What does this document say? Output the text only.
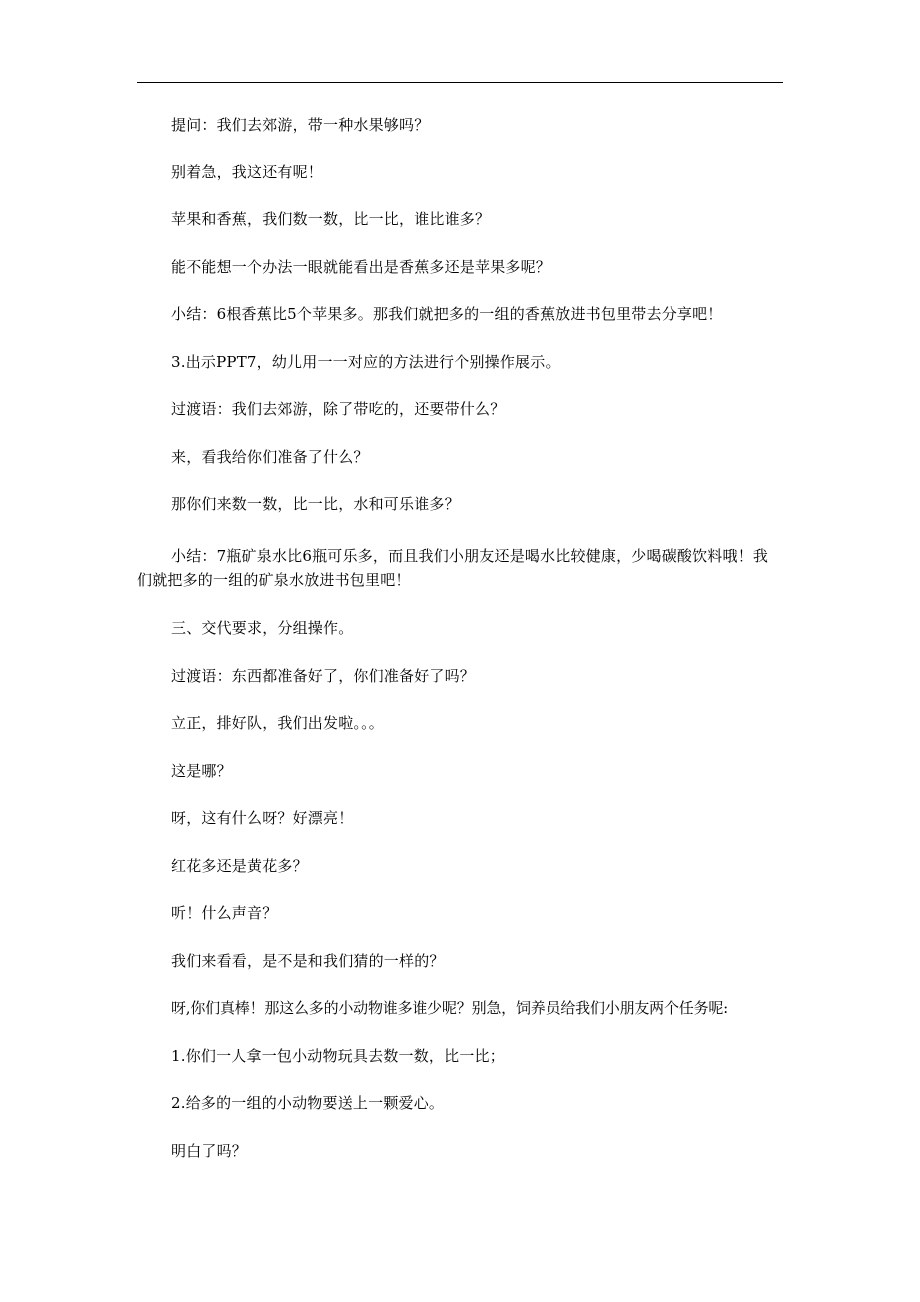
提问：我们去郊游，带一种水果够吗？

别着急，我这还有呢！

苹果和香蕉，我们数一数，比一比，谁比谁多？

能不能想一个办法一眼就能看出是香蕉多还是苹果多呢？

小结：6根香蕉比5个苹果多。那我们就把多的一组的香蕉放进书包里带去分享吧！

3.出示PPT7，幼儿用一一对应的方法进行个别操作展示。

过渡语：我们去郊游，除了带吃的，还要带什么？

来，看我给你们准备了什么？

那你们来数一数，比一比，水和可乐谁多？

小结：7瓶矿泉水比6瓶可乐多，而且我们小朋友还是喝水比较健康，少喝碳酸饮料哦！我们就把多的一组的矿泉水放进书包里吧！

三、交代要求，分组操作。

过渡语：东西都准备好了，你们准备好了吗？

立正，排好队，我们出发啦。。。

这是哪？

呀，这有什么呀？好漂亮！

红花多还是黄花多？

听！什么声音？

我们来看看，是不是和我们猜的一样的？

呀,你们真棒！那这么多的小动物谁多谁少呢？别急，饲养员给我们小朋友两个任务呢:

1.你们一人拿一包小动物玩具去数一数，比一比；

2.给多的一组的小动物要送上一颗爱心。

明白了吗？
